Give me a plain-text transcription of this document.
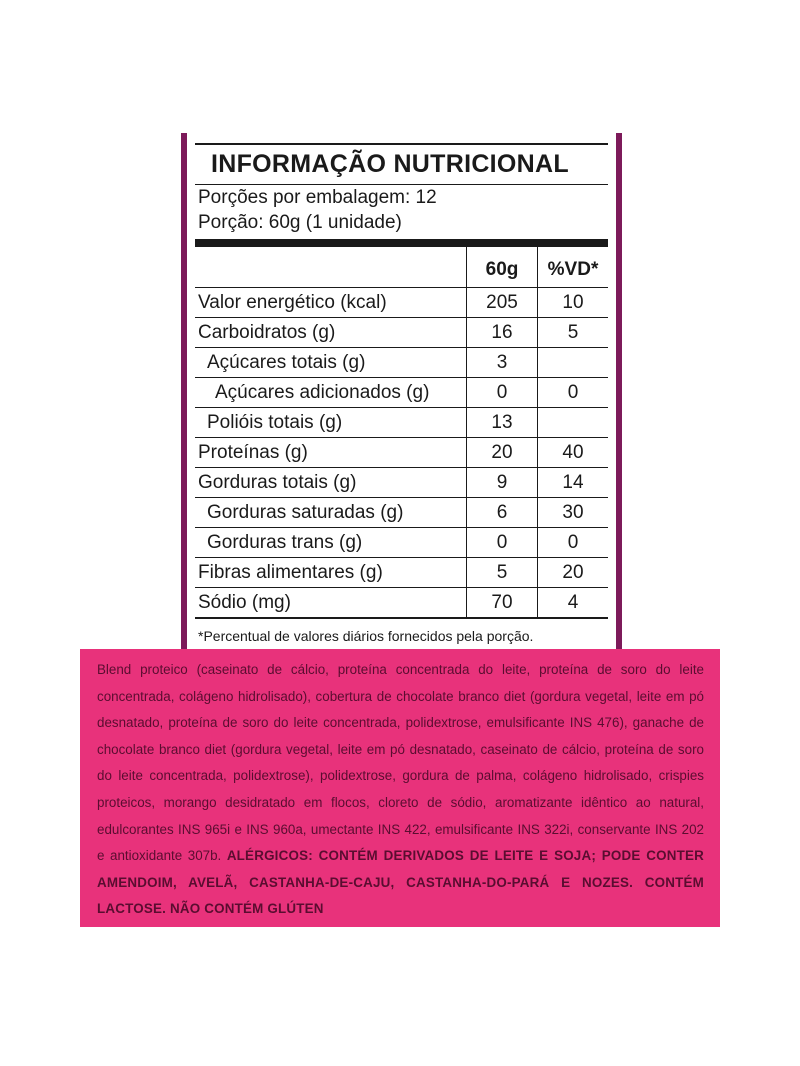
INFORMAÇÃO NUTRICIONAL
Porções por embalagem: 12
Porção: 60g (1 unidade)
	60g	%VD*
Valor energético (kcal)	205	10
Carboidratos (g)	16	5
Açúcares totais (g)	3	
Açúcares adicionados (g)	0	0
Polióis totais (g)	13	
Proteínas (g)	20	40
Gorduras totais (g)	9	14
Gorduras saturadas (g)	6	30
Gorduras trans (g)	0	0
Fibras alimentares (g)	5	20
Sódio (mg)	70	4
*Percentual de valores diários fornecidos pela porção.
Blend proteico (caseinato de cálcio, proteína concentrada do leite, proteína de soro do leite concentrada, colágeno hidrolisado), cobertura de chocolate branco diet (gordura vegetal, leite em pó desnatado, proteína de soro do leite concentrada, polidextrose, emulsificante INS 476), ganache de chocolate branco diet (gordura vegetal, leite em pó desnatado, caseinato de cálcio, proteína de soro do leite concentrada, polidextrose), polidextrose, gordura de palma, colágeno hidrolisado, crispies proteicos, morango desidratado em flocos, cloreto de sódio, aromatizante idêntico ao natural, edulcorantes INS 965i e INS 960a, umectante INS 422, emulsificante INS 322i, conservante INS 202 e antioxidante 307b. ALÉRGICOS: CONTÉM DERIVADOS DE LEITE E SOJA; PODE CONTER AMENDOIM, AVELÃ, CASTANHA-DE-CAJU, CASTANHA-DO-PARÁ E NOZES. CONTÉM LACTOSE. NÃO CONTÉM GLÚTEN
